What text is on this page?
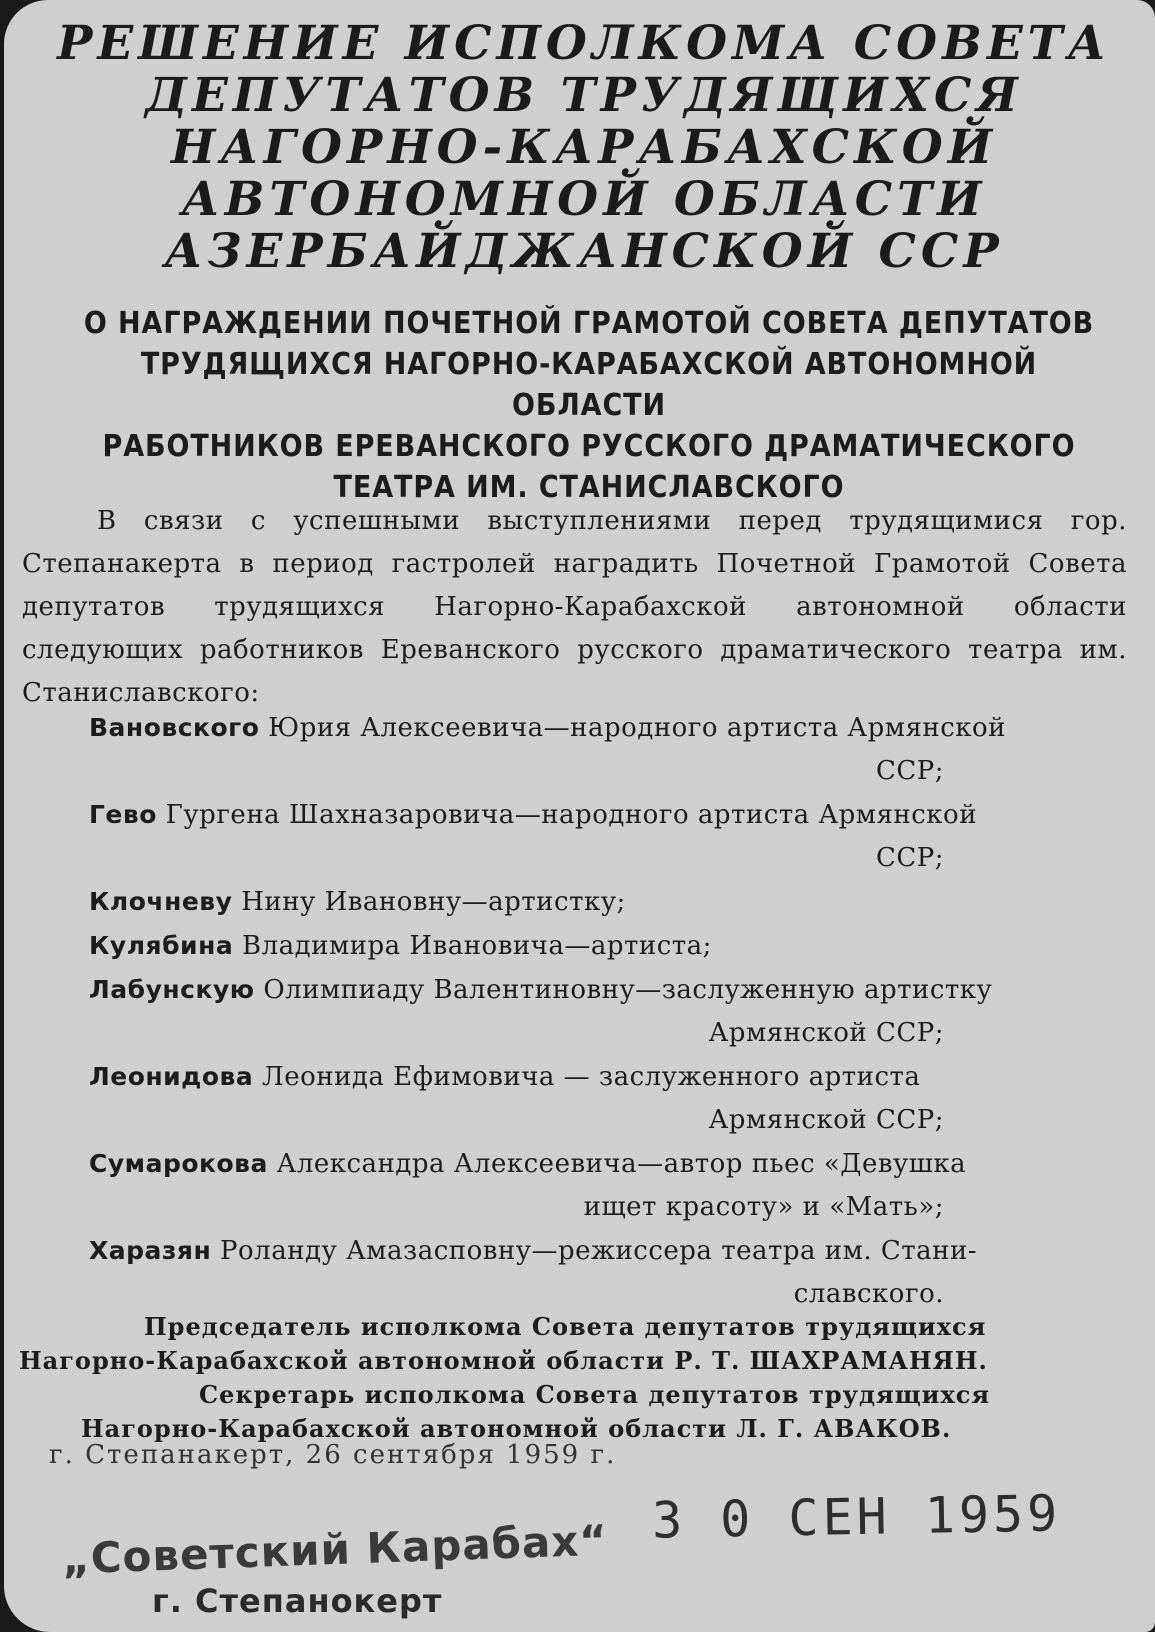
РЕШЕНИЕ ИСПОЛКОМА СОВЕТА
ДЕПУТАТОВ ТРУДЯЩИХСЯ
НАГОРНО-КАРАБАХСКОЙ
АВТОНОМНОЙ ОБЛАСТИ
АЗЕРБАЙДЖАНСКОЙ ССР
О НАГРАЖДЕНИИ ПОЧЕТНОЙ ГРАМОТОЙ СОВЕТА ДЕПУТАТОВ
ТРУДЯЩИХСЯ НАГОРНО-КАРАБАХСКОЙ АВТОНОМНОЙ ОБЛАСТИ
РАБОТНИКОВ ЕРЕВАНСКОГО РУССКОГО ДРАМАТИЧЕСКОГО
ТЕАТРА ИМ. СТАНИСЛАВСКОГО
В связи с успешными выступлениями перед трудящимися гор. Степанакерта в период гастролей наградить Почетной Грамотой Совета депутатов трудящихся Нагорно-Карабахской автономной области следующих работников Ереванского русского драматического театра им. Станиславского:
Вановского Юрия Алексеевича—народного артиста Армянской
ССР;
Гево Гургена Шахназаровича—народного артиста Армянской
ССР;
Клочневу Нину Ивановну—артистку;
Кулябина Владимира Ивановича—артиста;
Лабунскую Олимпиаду Валентиновну—заслуженную артистку
Армянской ССР;
Леонидова Леонида Ефимовича — заслуженного артиста
Армянской ССР;
Сумарокова Александра Алексеевича—автор пьес «Девушка
ищет красоту» и «Мать»;
Харазян Роланду Амазасповну—режиссера театра им. Стани-
славского.
Председатель исполкома Совета депутатов трудящихся
Нагорно-Карабахской автономной области Р. Т. ШАХРАМАНЯН.
Секретарь исполкома Совета депутатов трудящихся
Нагорно-Карабахской автономной области Л. Г. АВАКОВ.
г. Степанакерт, 26 сентября 1959 г.
3 0 СЕН 1959
„Советский Карабах“
г. Степанокерт
